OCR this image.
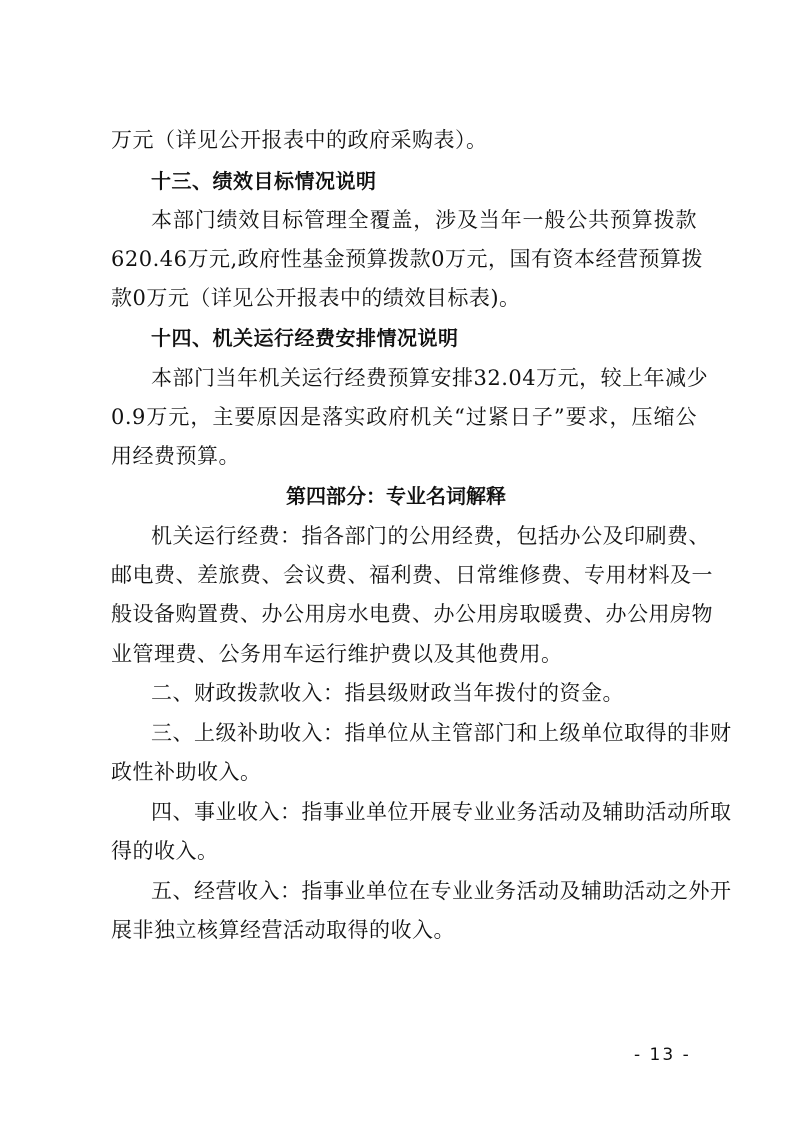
万元（详见公开报表中的政府采购表）。
十三、绩效目标情况说明
本部门绩效目标管理全覆盖，涉及当年一般公共预算拨款
620.46万元,政府性基金预算拨款0万元，国有资本经营预算拨
款0万元（详见公开报表中的绩效目标表)。
十四、机关运行经费安排情况说明
本部门当年机关运行经费预算安排32.04万元，较上年减少
0.9万元，主要原因是落实政府机关“过紧日子”要求，压缩公
用经费预算。
第四部分：专业名词解释
机关运行经费：指各部门的公用经费，包括办公及印刷费、
邮电费、差旅费、会议费、福利费、日常维修费、专用材料及一
般设备购置费、办公用房水电费、办公用房取暖费、办公用房物
业管理费、公务用车运行维护费以及其他费用。
二、财政拨款收入：指县级财政当年拨付的资金。
三、上级补助收入：指单位从主管部门和上级单位取得的非财
政性补助收入。
四、事业收入：指事业单位开展专业业务活动及辅助活动所取
得的收入。
五、经营收入：指事业单位在专业业务活动及辅助活动之外开
展非独立核算经营活动取得的收入。
- 13 -
